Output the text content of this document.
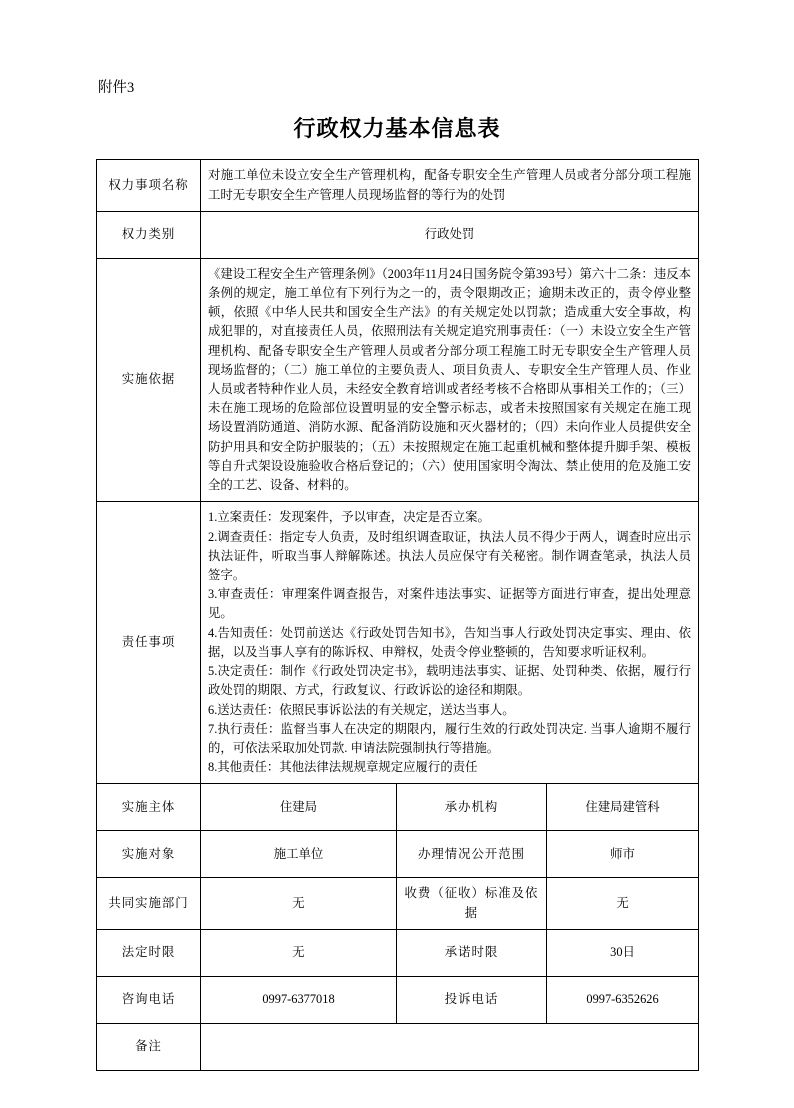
附件3
行政权力基本信息表
权力事项名称	对施工单位未设立安全生产管理机构，配备专职安全生产管理人员或者分部分项工程施工时无专职安全生产管理人员现场监督的等行为的处罚		
权力类别	行政处罚		
实施依据	《建设工程安全生产管理条例》（2003年11月24日国务院令第393号）第六十二条：违反本条例的规定，施工单位有下列行为之一的，责令限期改正；逾期未改正的，责令停业整顿，依照《中华人民共和国安全生产法》的有关规定处以罚款；造成重大安全事故，构成犯罪的，对直接责任人员，依照刑法有关规定追究刑事责任：（一）未设立安全生产管理机构、配备专职安全生产管理人员或者分部分项工程施工时无专职安全生产管理人员现场监督的；（二）施工单位的主要负责人、项目负责人、专职安全生产管理人员、作业人员或者特种作业人员，未经安全教育培训或者经考核不合格即从事相关工作的；（三）未在施工现场的危险部位设置明显的安全警示标志，或者未按照国家有关规定在施工现场设置消防通道、消防水源、配备消防设施和灭火器材的；（四）未向作业人员提供安全防护用具和安全防护服装的；（五）未按照规定在施工起重机械和整体提升脚手架、模板等自升式架设设施验收合格后登记的；（六）使用国家明令淘汰、禁止使用的危及施工安全的工艺、设备、材料的。		
责任事项	
1.立案责任：发现案件，予以审查，决定是否立案。
2.调查责任：指定专人负责，及时组织调查取证，执法人员不得少于两人，调查时应出示执法证件，听取当事人辩解陈述。执法人员应保守有关秘密。制作调查笔录，执法人员签字。
3.审查责任：审理案件调查报告，对案件违法事实、证据等方面进行审查，提出处理意见。
4.告知责任：处罚前送达《行政处罚告知书》，告知当事人行政处罚决定事实、理由、依据，以及当事人享有的陈诉权、申辩权，处责令停业整顿的，告知要求听证权利。
5.决定责任：制作《行政处罚决定书》，载明违法事实、证据、处罚种类、依据，履行行政处罚的期限、方式，行政复议、行政诉讼的途径和期限。
6.送达责任：依照民事诉讼法的有关规定，送达当事人。
7.执行责任：监督当事人在决定的期限内，履行生效的行政处罚决定. 当事人逾期不履行的，可依法采取加处罚款. 申请法院强制执行等措施。
8.其他责任：其他法律法规规章规定应履行的责任

实施主体	住建局	承办机构	住建局建管科
实施对象	施工单位	办理情况公开范围	师市
共同实施部门	无	收费（征收）标准及依据	无
法定时限	无	承诺时限	30日
咨询电话	0997-6377018	投诉电话	0997-6352626
备注			
